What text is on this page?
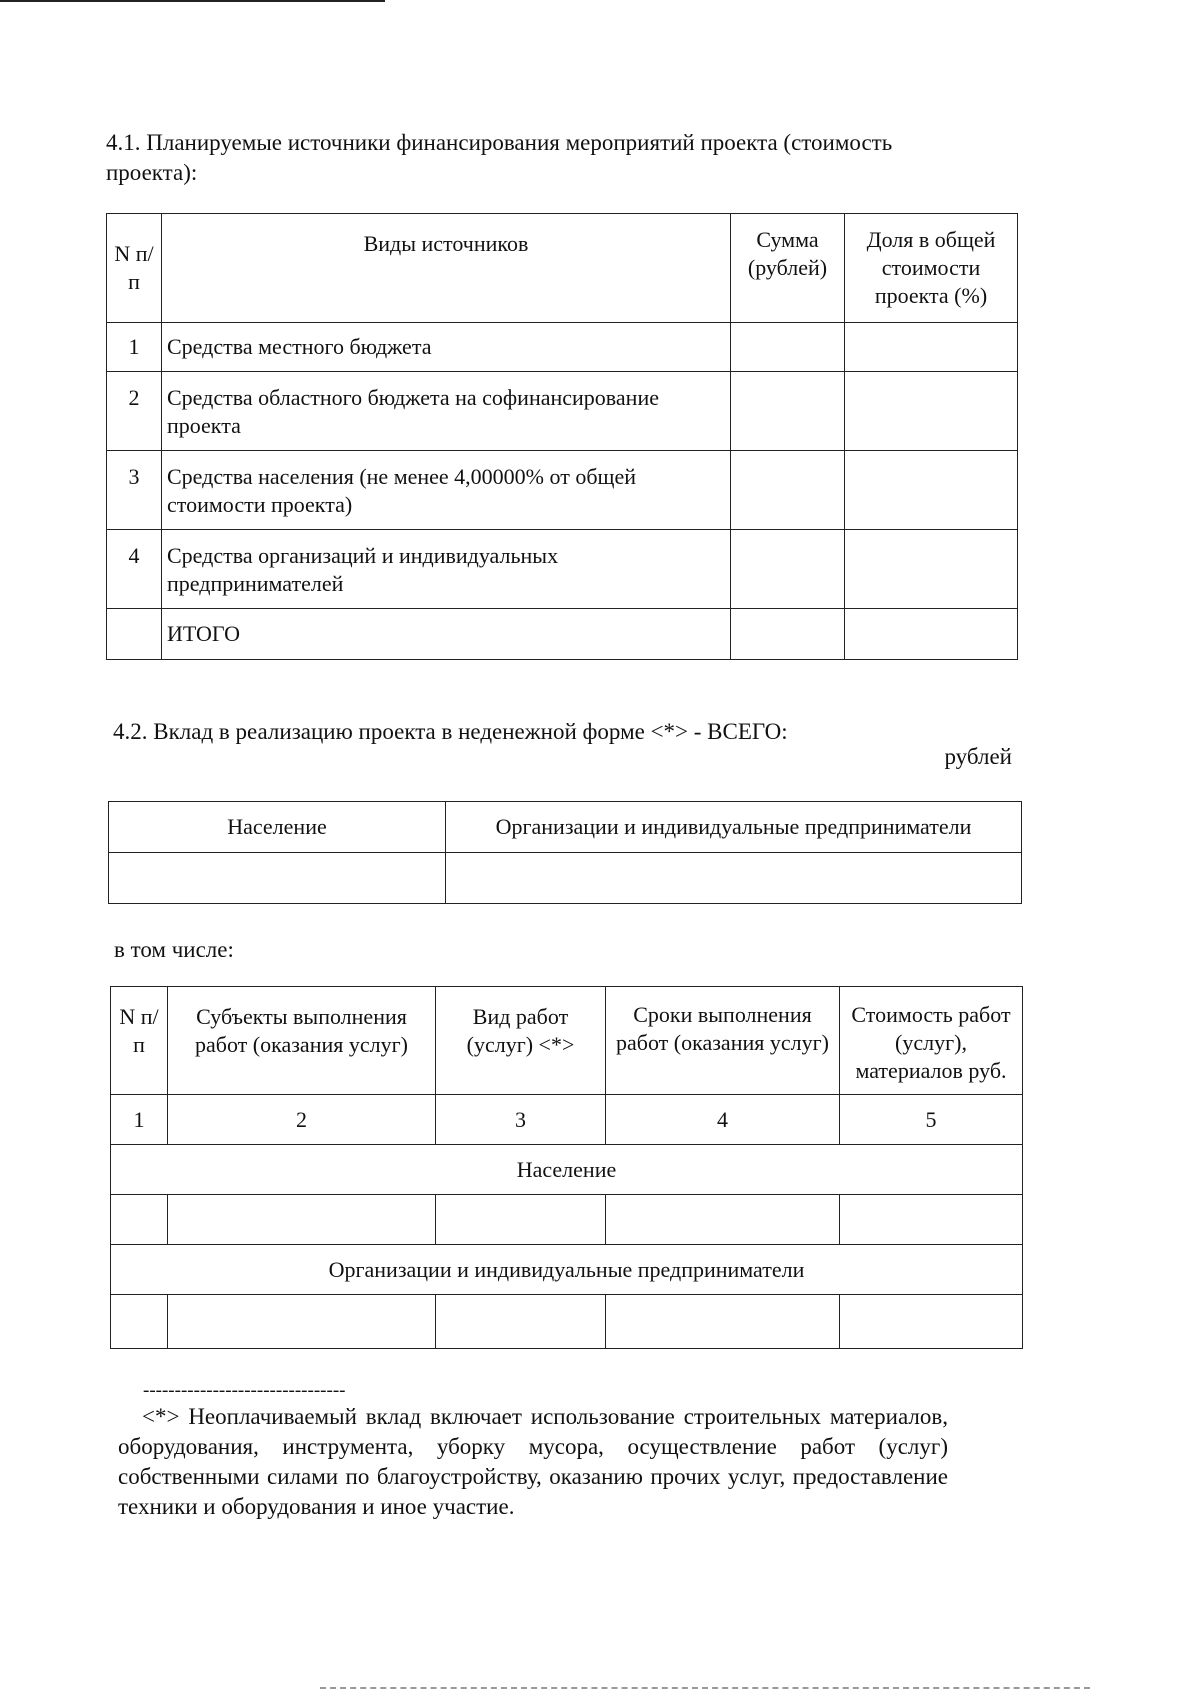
4.1. Планируемые источники финансирования мероприятий проекта (стоимость проекта):
N п/п	Виды источников	Сумма (рублей)	Доля в общей стоимости проекта (%)
1	Средства местного бюджета		
2	Средства областного бюджета на софинансирование проекта		
3	Средства населения (не менее 4,00000% от общей стоимости проекта)		
4	Средства организаций и индивидуальных предпринимателей		
	ИТОГО		
4.2. Вклад в реализацию проекта в неденежной форме <*> - ВСЕГО:
рублей
Население	Организации и индивидуальные предприниматели

в том числе:
N п/п	Субъекты выполнения работ (оказания услуг)	Вид работ (услуг) <*>	Сроки выполнения работ (оказания услуг)	Стоимость работ (услуг), материалов руб.
1	2	3	4	5
Население				

Организации и индивидуальные предприниматели				

--------------------------------
<*> Неоплачиваемый вклад включает использование строительных материалов, оборудования, инструмента, уборку мусора, осуществление работ (услуг) собственными силами по благоустройству, оказанию прочих услуг, предоставление техники и оборудования и иное участие.
